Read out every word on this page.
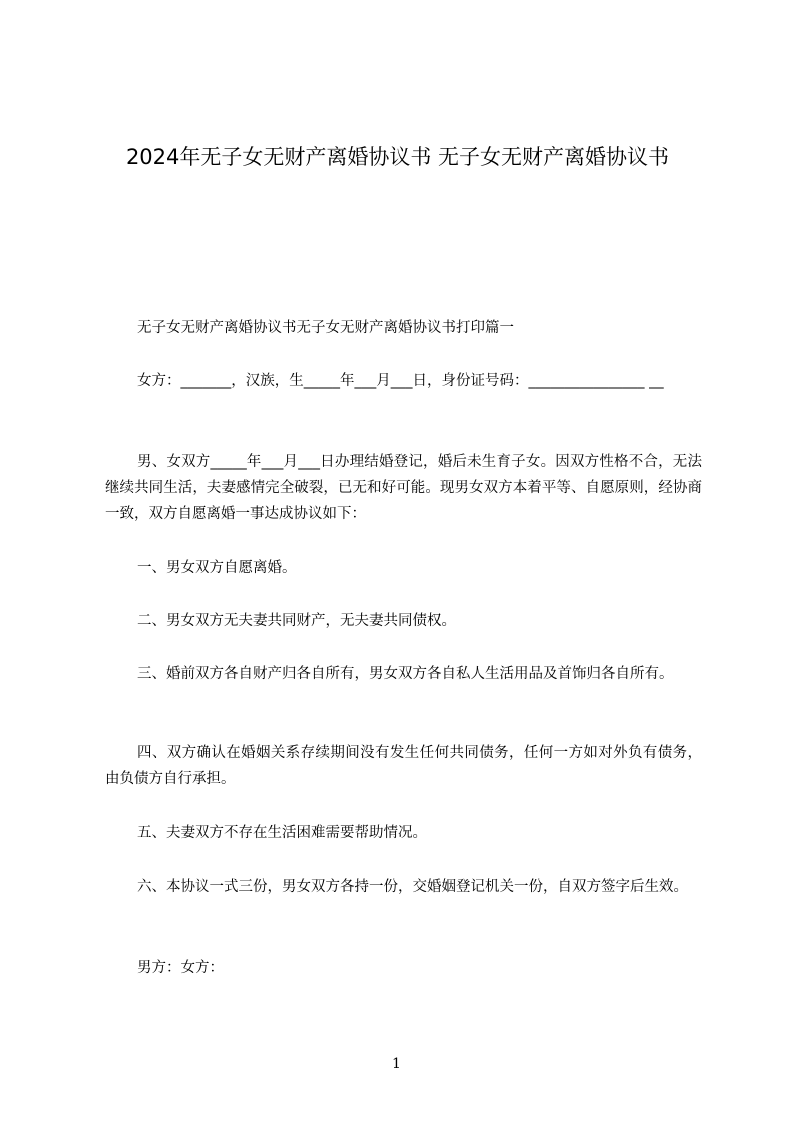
2024年无子女无财产离婚协议书 无子女无财产离婚协议书

无子女无财产离婚协议书无子女无财产离婚协议书打印篇一

女方：_______，汉族，生_____年___月___日，身份证号码：________________ __

男、女双方_____年___月___日办理结婚登记，婚后未生育子女。因双方性格不合，无法继续共同生活，夫妻感情完全破裂，已无和好可能。现男女双方本着平等、自愿原则，经协商一致，双方自愿离婚一事达成协议如下：

一、男女双方自愿离婚。

二、男女双方无夫妻共同财产，无夫妻共同债权。

三、婚前双方各自财产归各自所有，男女双方各自私人生活用品及首饰归各自所有。

四、双方确认在婚姻关系存续期间没有发生任何共同债务，任何一方如对外负有债务，由负债方自行承担。

五、夫妻双方不存在生活困难需要帮助情况。

六、本协议一式三份，男女双方各持一份，交婚姻登记机关一份，自双方签字后生效。

男方：女方：

1
